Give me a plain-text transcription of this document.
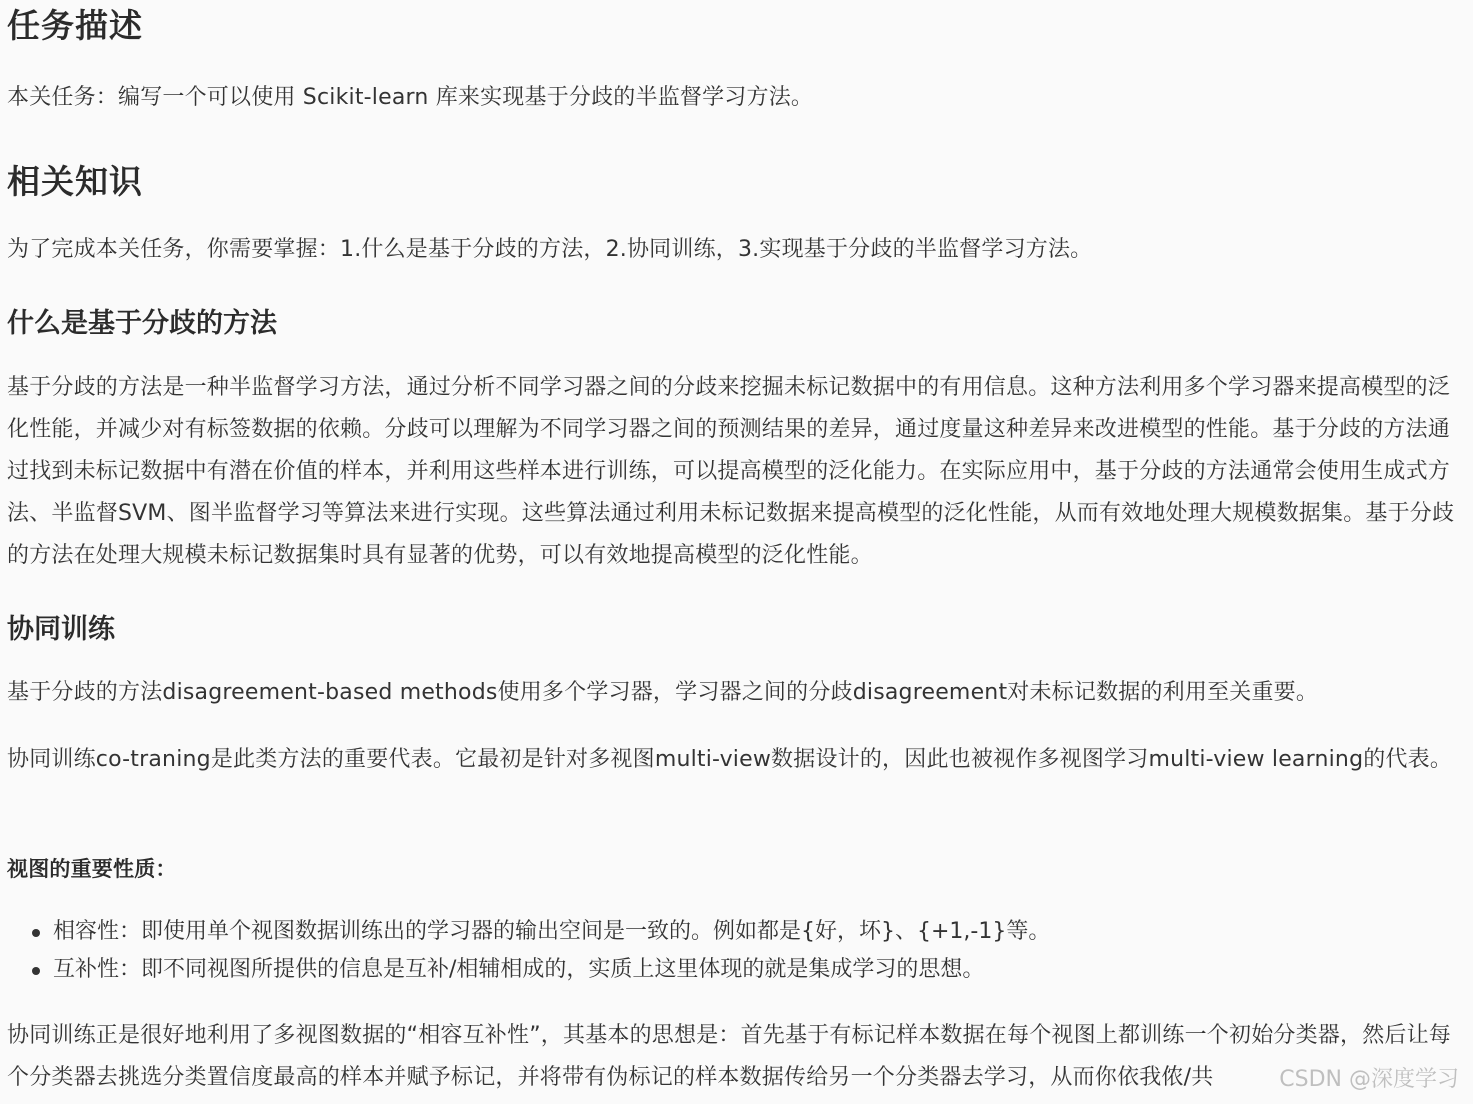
任务描述

本关任务：编写一个可以使用 Scikit-learn 库来实现基于分歧的半监督学习方法。

相关知识

为了完成本关任务，你需要掌握：1.什么是基于分歧的方法，2.协同训练，3.实现基于分歧的半监督学习方法。

什么是基于分歧的方法

基于分歧的方法是一种半监督学习方法，通过分析不同学习器之间的分歧来挖掘未标记数据中的有用信息。这种方法利用多个学习器来提高模型的泛化性能，并减少对有标签数据的依赖。分歧可以理解为不同学习器之间的预测结果的差异，通过度量这种差异来改进模型的性能。基于分歧的方法通过找到未标记数据中有潜在价值的样本，并利用这些样本进行训练，可以提高模型的泛化能力。在实际应用中，基于分歧的方法通常会使用生成式方法、半监督SVM、图半监督学习等算法来进行实现。这些算法通过利用未标记数据来提高模型的泛化性能，从而有效地处理大规模数据集。基于分歧的方法在处理大规模未标记数据集时具有显著的优势，可以有效地提高模型的泛化性能。

协同训练

基于分歧的方法disagreement-based methods使用多个学习器，学习器之间的分歧disagreement对未标记数据的利用至关重要。

协同训练co-traning是此类方法的重要代表。它最初是针对多视图multi-view数据设计的，因此也被视作多视图学习multi-view learning的代表。

视图的重要性质：

相容性：即使用单个视图数据训练出的学习器的输出空间是一致的。例如都是{好，坏}、{+1,-1}等。
互补性：即不同视图所提供的信息是互补/相辅相成的，实质上这里体现的就是集成学习的思想。

协同训练正是很好地利用了多视图数据的“相容互补性”，其基本的思想是：首先基于有标记样本数据在每个视图上都训练一个初始分类器，然后让每个分类器去挑选分类置信度最高的样本并赋予标记，并将带有伪标记的样本数据传给另一个分类器去学习，从而你依我侬/共	CSDN @深度学习
